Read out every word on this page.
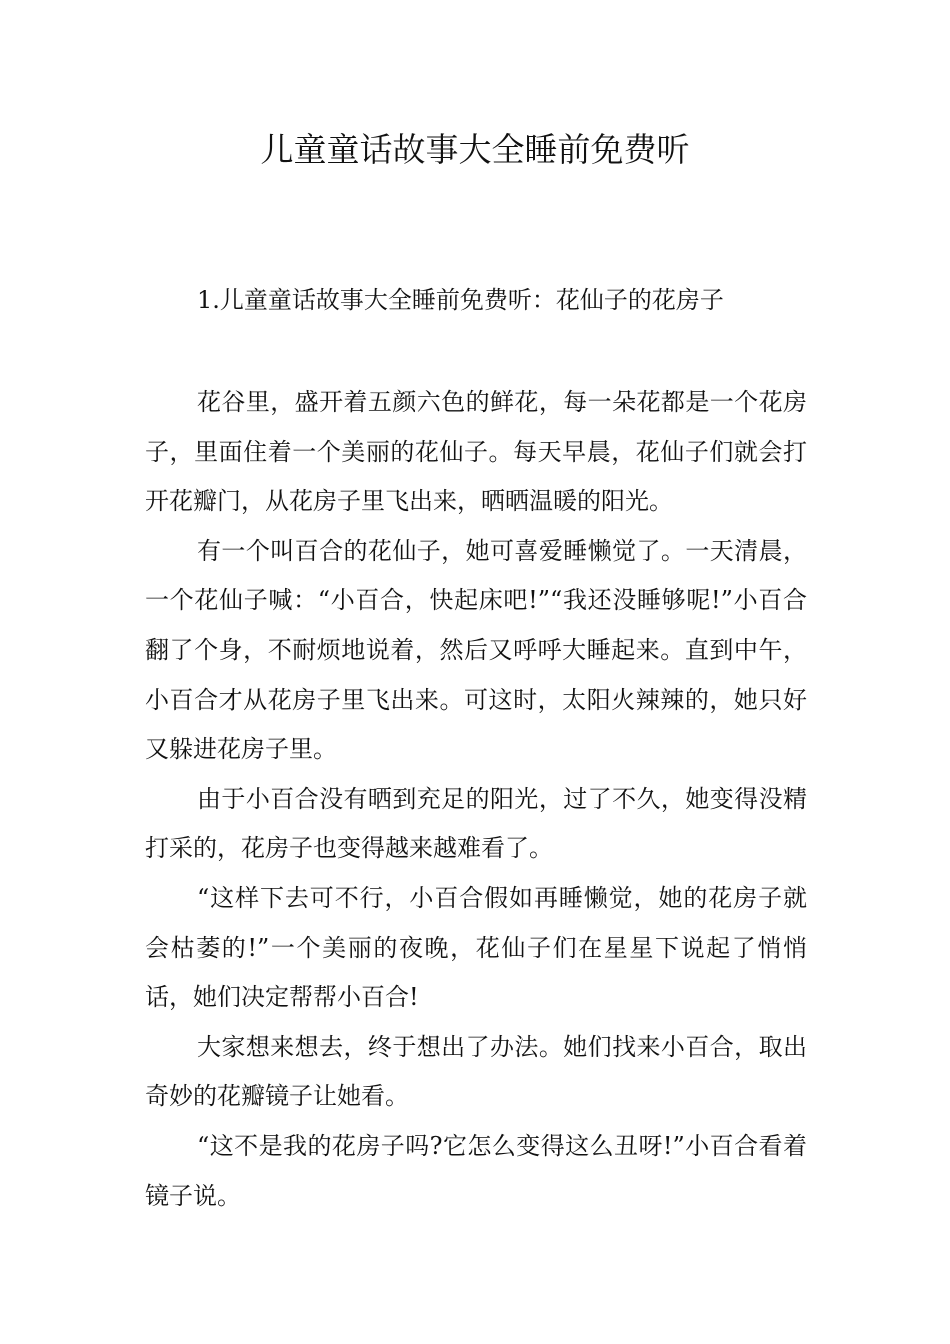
儿童童话故事大全睡前免费听
1.儿童童话故事大全睡前免费听：花仙子的花房子

花谷里，盛开着五颜六色的鲜花，每一朵花都是一个花房子，里面住着一个美丽的花仙子。每天早晨，花仙子们就会打开花瓣门，从花房子里飞出来，晒晒温暖的阳光。

有一个叫百合的花仙子，她可喜爱睡懒觉了。一天清晨，一个花仙子喊：“小百合，快起床吧!”“我还没睡够呢!”小百合翻了个身，不耐烦地说着，然后又呼呼大睡起来。直到中午，小百合才从花房子里飞出来。可这时，太阳火辣辣的，她只好又躲进花房子里。

由于小百合没有晒到充足的阳光，过了不久，她变得没精打采的，花房子也变得越来越难看了。

“这样下去可不行，小百合假如再睡懒觉，她的花房子就会枯萎的!”一个美丽的夜晚，花仙子们在星星下说起了悄悄话，她们决定帮帮小百合!

大家想来想去，终于想出了办法。她们找来小百合，取出奇妙的花瓣镜子让她看。

“这不是我的花房子吗?它怎么变得这么丑呀!”小百合看着镜子说。
